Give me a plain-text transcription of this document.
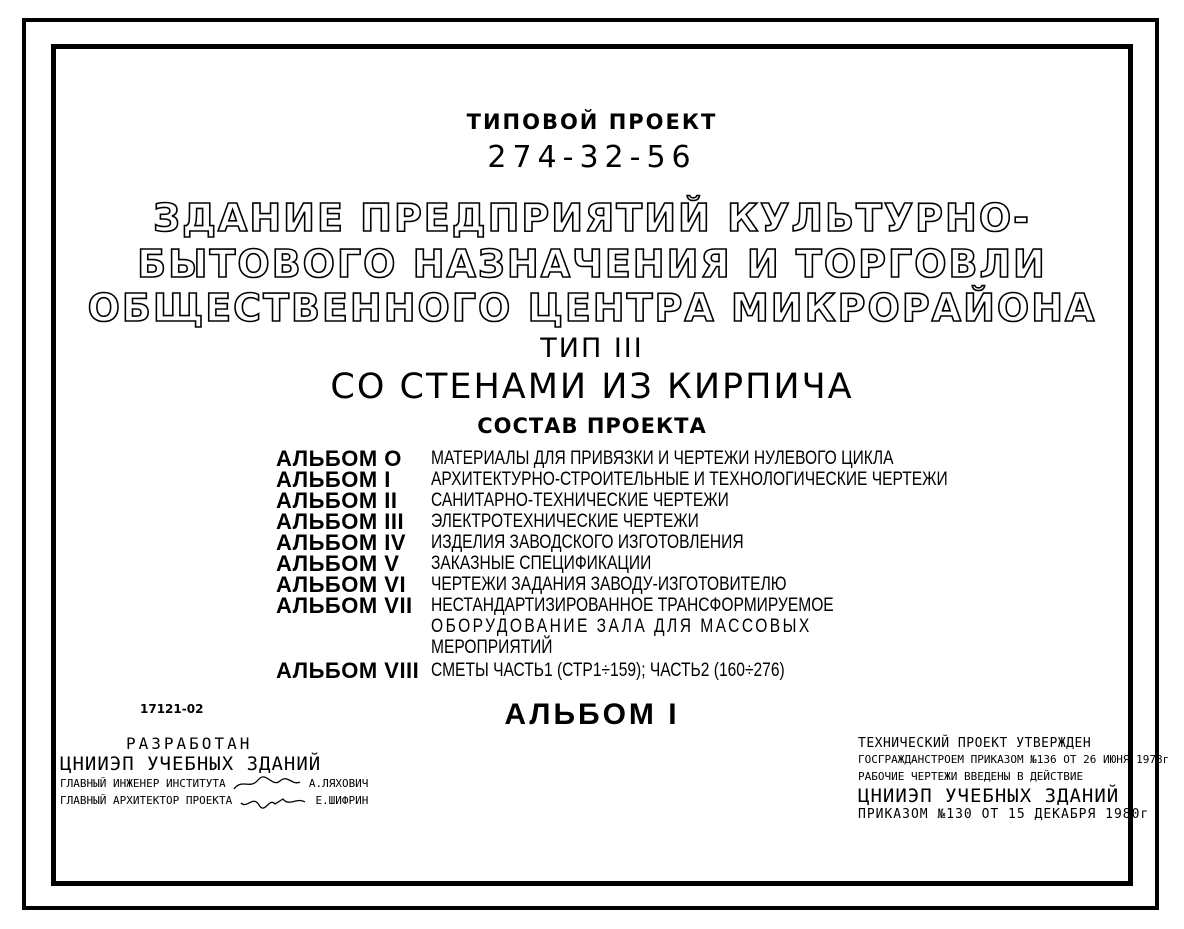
ТИПОВОЙ ПРОЕКТ
274-32-56
ЗДАНИЕ ПРЕДПРИЯТИЙ КУЛЬТУРНО-
БЫТОВОГО НАЗНАЧЕНИЯ И ТОРГОВЛИ
ОБЩЕСТВЕННОГО ЦЕНТРА МИКРОРАЙОНА
ТИП III
СО СТЕНАМИ ИЗ КИРПИЧА
СОСТАВ ПРОЕКТА
АЛЬБОМ O	МАТЕРИАЛЫ ДЛЯ ПРИВЯЗКИ И ЧЕРТЕЖИ НУЛЕВОГО ЦИКЛА
АЛЬБОМ I	АРХИТЕКТУРНО-СТРОИТЕЛЬНЫЕ И ТЕХНОЛОГИЧЕСКИЕ ЧЕРТЕЖИ
АЛЬБОМ II	САНИТАРНО-ТЕХНИЧЕСКИЕ ЧЕРТЕЖИ
АЛЬБОМ III	ЭЛЕКТРОТЕХНИЧЕСКИЕ ЧЕРТЕЖИ
АЛЬБОМ IV	ИЗДЕЛИЯ ЗАВОДСКОГО ИЗГОТОВЛЕНИЯ
АЛЬБОМ V	ЗАКАЗНЫЕ СПЕЦИФИКАЦИИ
АЛЬБОМ VI	ЧЕРТЕЖИ ЗАДАНИЯ ЗАВОДУ-ИЗГОТОВИТЕЛЮ
АЛЬБОМ VII НЕСТАНДАРТИЗИРОВАННОЕ ТРАНСФОРМИРУЕМОЕ
ОБОРУДОВАНИЕ ЗАЛА ДЛЯ МАССОВЫХ
МЕРОПРИЯТИЙ
АЛЬБОМ VIII СМЕТЫ ЧАСТЬ1 (СТР1÷159); ЧАСТЬ2 (160÷276)
17121-02	АЛЬБОМ I
РАЗРАБОТАН
ЦНИИЭП УЧЕБНЫХ ЗДАНИЙ
ГЛАВНЫЙ ИНЖЕНЕР ИНСТИТУТА	А.ЛЯХОВИЧ
ГЛАВНЫЙ АРХИТЕКТОР ПРОЕКТА	Е.ШИФРИН
ТЕХНИЧЕСКИЙ ПРОЕКТ УТВЕРЖДЕН
ГОСГРАЖДАНСТРОЕМ ПРИКАЗОМ №136 ОТ 26 ИЮНЯ 1978г
РАБОЧИЕ ЧЕРТЕЖИ ВВЕДЕНЫ В ДЕЙСТВИЕ
ЦНИИЭП УЧЕБНЫХ ЗДАНИЙ
ПРИКАЗОМ №130 ОТ 15 ДЕКАБРЯ 1980г
